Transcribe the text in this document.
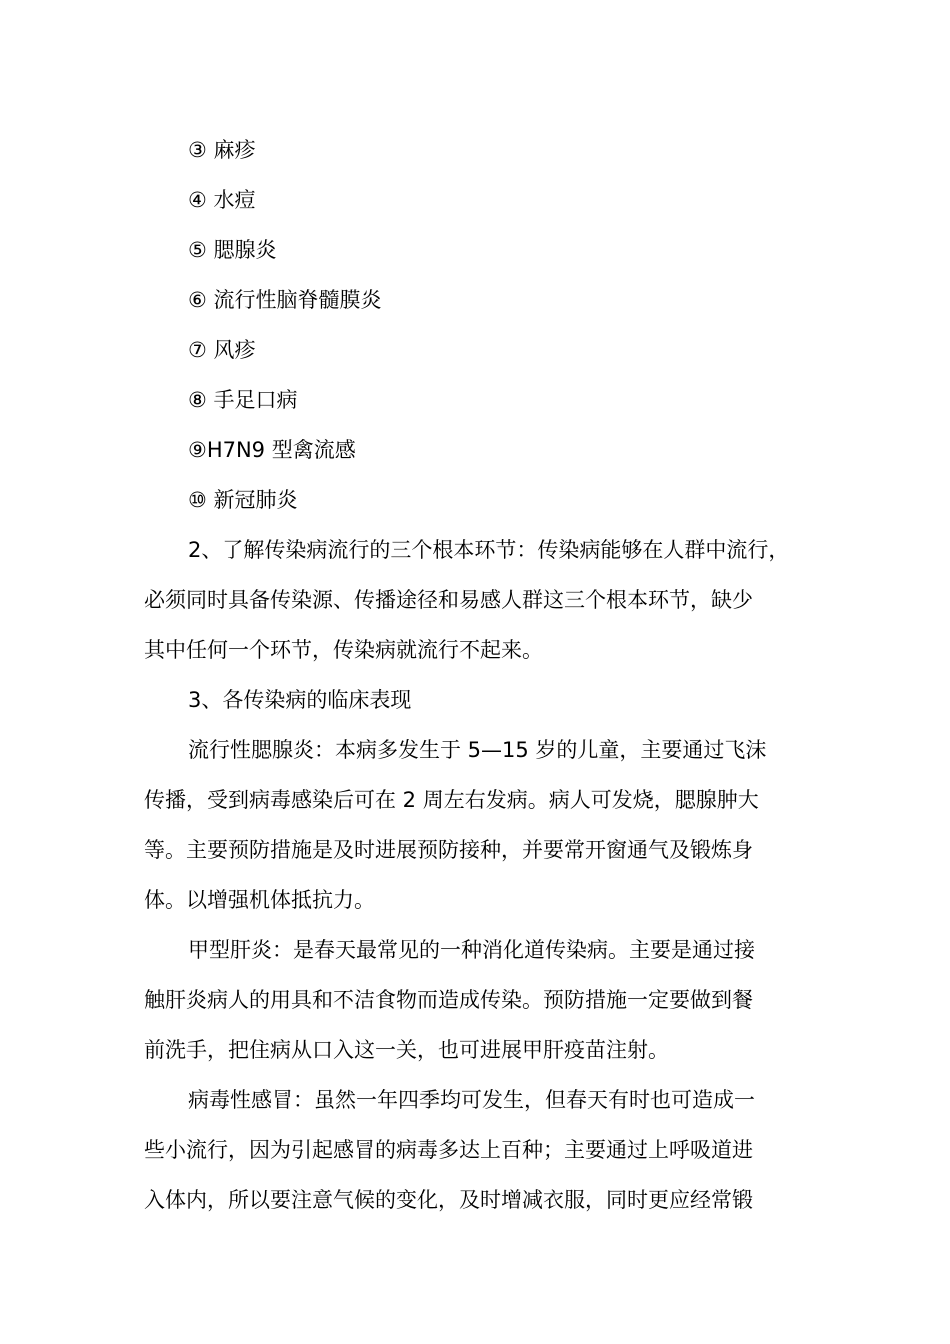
③ 麻疹
④ 水痘
⑤ 腮腺炎
⑥ 流行性脑脊髓膜炎
⑦ 风疹
⑧ 手足口病
⑨H7N9 型禽流感
⑩ 新冠肺炎
2、了解传染病流行的三个根本环节：传染病能够在人群中流行，
必须同时具备传染源、传播途径和易感人群这三个根本环节，缺少
其中任何一个环节，传染病就流行不起来。
3、各传染病的临床表现
流行性腮腺炎：本病多发生于 5—15 岁的儿童，主要通过飞沫
传播，受到病毒感染后可在 2 周左右发病。病人可发烧，腮腺肿大
等。主要预防措施是及时进展预防接种，并要常开窗通气及锻炼身
体。以增强机体抵抗力。
甲型肝炎：是春天最常见的一种消化道传染病。主要是通过接
触肝炎病人的用具和不洁食物而造成传染。预防措施一定要做到餐
前洗手，把住病从口入这一关，也可进展甲肝疫苗注射。
病毒性感冒：虽然一年四季均可发生，但春天有时也可造成一
些小流行，因为引起感冒的病毒多达上百种；主要通过上呼吸道进
入体内，所以要注意气候的变化，及时增减衣服，同时更应经常锻
